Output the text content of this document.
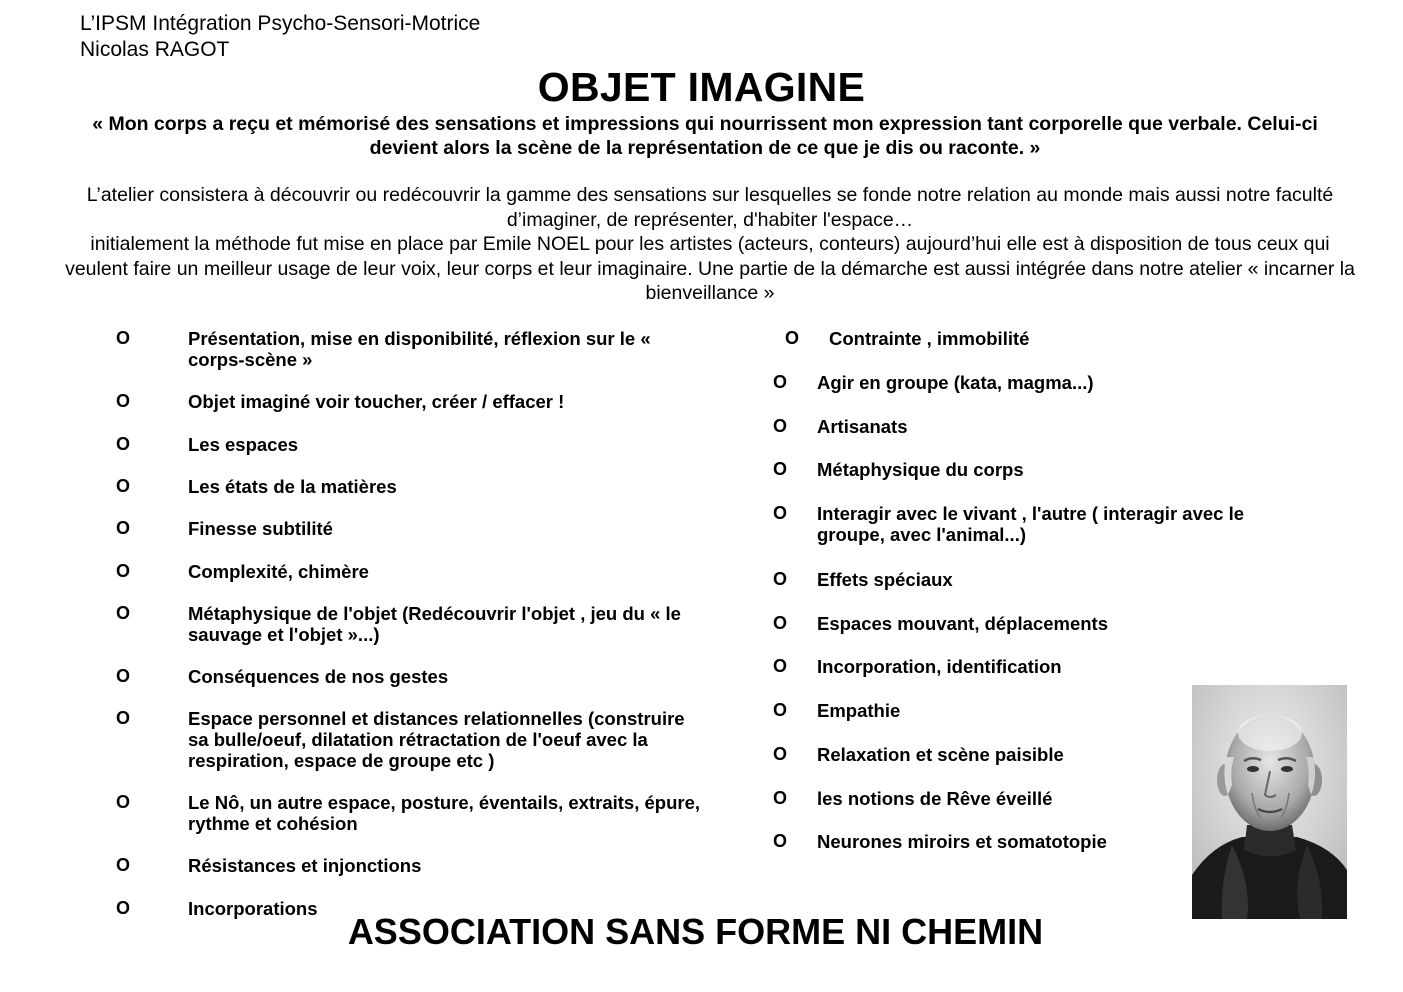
L’IPSM Intégration Psycho-Sensori-Motrice
Nicolas RAGOT
OBJET IMAGINE
« Mon corps a reçu et mémorisé des sensations et impressions qui nourrissent mon expression tant corporelle que verbale. Celui-ci devient alors la scène de la représentation de ce que je dis ou raconte. »

L’atelier consistera à découvrir ou redécouvrir la gamme des sensations sur lesquelles se fonde notre relation au monde mais aussi notre faculté d’imaginer, de représenter, d'habiter l'espace…

initialement la méthode fut mise en place par Emile NOEL pour les artistes (acteurs, conteurs) aujourd’hui elle est à disposition de tous ceux qui veulent faire un meilleur usage de leur voix, leur corps et leur imaginaire. Une partie de la démarche est aussi intégrée dans notre atelier « incarner la bienveillance »

O	Présentation, mise en disponibilité, réflexion sur le « corps-scène »
O	Objet imaginé voir toucher, créer / effacer !
O	Les espaces
O	Les états de la matières
O	Finesse subtilité
O	Complexité, chimère
O	Métaphysique de l'objet (Redécouvrir l'objet , jeu du « le sauvage et l'objet »...)
O	Conséquences de nos gestes
O	Espace personnel et distances relationnelles (construire sa bulle/oeuf, dilatation rétractation de l'oeuf avec la respiration, espace de groupe etc )
O	Le Nô, un autre espace, posture, éventails, extraits, épure, rythme et cohésion
O	Résistances et injonctions
O	Incorporations
O Contrainte , immobilité
O Agir en groupe (kata, magma...)
O Artisanats
O Métaphysique du corps
O Interagir avec le vivant , l'autre ( interagir avec le groupe, avec l'animal...)
O Effets spéciaux
O Espaces mouvant, déplacements
O Incorporation, identification
O Empathie
O Relaxation et scène paisible
O les notions de Rêve éveillé
O Neurones miroirs et somatotopie
ASSOCIATION SANS FORME NI CHEMIN
